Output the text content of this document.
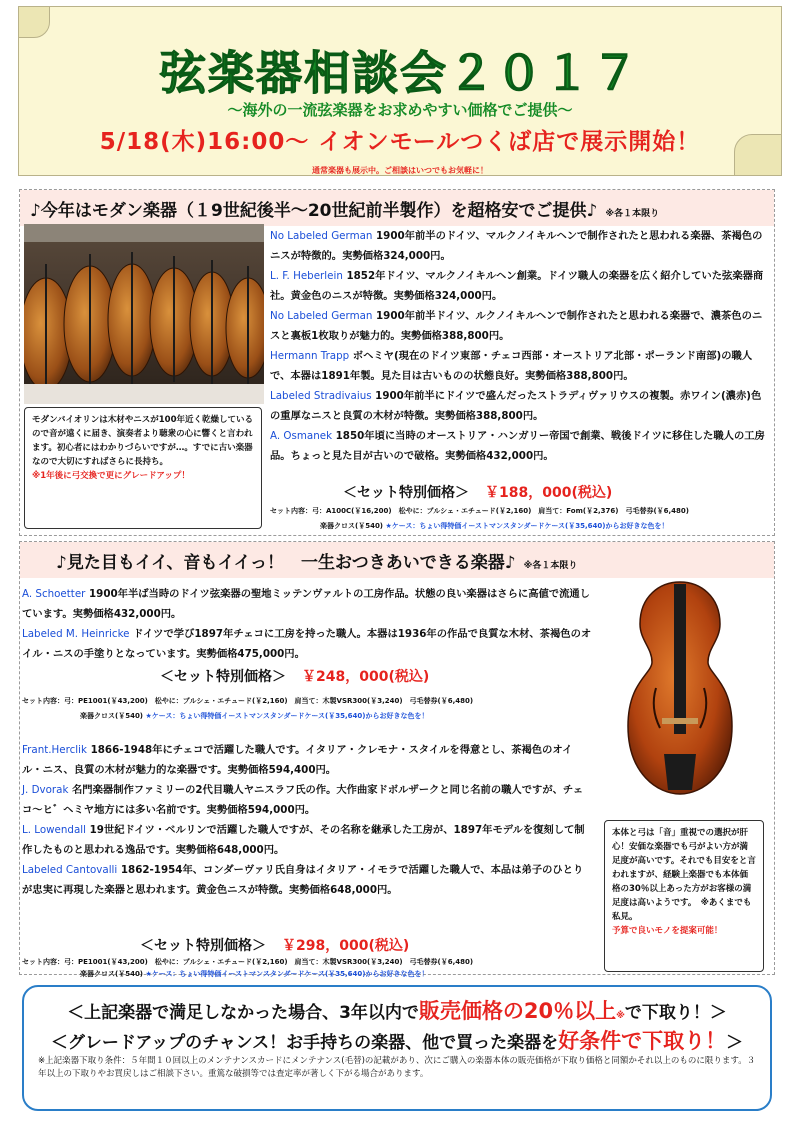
弦楽器相談会２０１７
～海外の一流弦楽器をお求めやすい価格でご提供～
5/18(木)16:00～ イオンモールつくば店で展示開始！
通常楽器も展示中。ご相談はいつでもお気軽に！
♪今年はモダン楽器（１9世紀後半～20世紀前半製作）を超格安でご提供♪ ※各１本限り
モダンバイオリンは木材やニスが100年近く乾燥しているので音が遠くに届き、演奏者より聴衆の心に響くと言われます。初心者にはわかりづらいですが…。すでに古い楽器なので大切にすればさらに長持ち。
※1年後に弓交換で更にグレードアップ！

No Labeled German 1900年前半のドイツ、マルクノイキルヘンで制作されたと思われる楽器、茶褐色のニスが特徴的。実勢価格324,000円。

L. F. Heberlein 1852年ドイツ、マルクノイキルヘン創業。ドイツ職人の楽器を広く紹介していた弦楽器商社。黄金色のニスが特徴。実勢価格324,000円。

No Labeled German 1900年前半ドイツ、ルクノイキルヘンで制作されたと思われる楽器で、濃茶色のニスと裏板1枚取りが魅力的。実勢価格388,800円。

Hermann Trapp ボヘミヤ(現在のドイツ東部・チェコ西部・オーストリア北部・ポーランド南部)の職人で、本器は1891年製。見た目は古いものの状態良好。実勢価格388,800円。

Labeled Stradivaius 1900年前半にドイツで盛んだったストラディヴァリウスの複製。赤ワイン(濃赤)色の重厚なニスと良質の木材が特徴。実勢価格388,800円。

A. Osmanek 1850年頃に当時のオーストリア・ハンガリー帝国で創業、戦後ドイツに移住した職人の工房品。ちょっと見た目が古いので破格。実勢価格432,000円。

＜セット特別価格＞ ￥188，000(税込)
セット内容：弓：A100C(￥16,200)　松やに：ブルシェ・エチュード(￥2,160)　肩当て：Fom(￥2,376)　弓毛替券(￥6,480)
楽器クロス(￥540) ★ケース：ちょい得特価イーストマンスタンダードケース(￥35,640)からお好きな色を！
♪見た目もイイ、音もイイっ！　一生おつきあいできる楽器♪ ※各１本限り

A. Schoetter 1900年半ば当時のドイツ弦楽器の聖地ミッテンヴァルトの工房作品。状態の良い楽器はさらに高値で流通しています。実勢価格432,000円。

Labeled M. Heinricke ドイツで学び1897年チェコに工房を持った職人。本器は1936年の作品で良質な木材、茶褐色のオイル・ニスの手塗りとなっています。実勢価格475,000円。

＜セット特別価格＞ ￥248，000(税込)
セット内容：弓：PE1001(￥43,200)　松やに：ブルシェ・エチュード(￥2,160)　肩当て：木製VSR300(￥3,240)　弓毛替券(￥6,480)
楽器クロス(￥540) ★ケース：ちょい得特価イーストマンスタンダードケース(￥35,640)からお好きな色を！

Frant.Herclik 1866-1948年にチェコで活躍した職人です。イタリア・クレモナ・スタイルを得意とし、茶褐色のオイル・ニス、良質の木材が魅力的な楽器です。実勢価格594,400円。

J. Dvorak 名門楽器制作ファミリーの2代目職人ヤニスラフ氏の作。大作曲家ドボルザークと同じ名前の職人ですが、チェコ～ヒ゛ヘミヤ地方には多い名前です。実勢価格594,000円。

L. Lowendall 19世紀ドイツ・ベルリンで活躍した職人ですが、その名称を継承した工房が、1897年モデルを復刻して制作したものと思われる逸品です。実勢価格648,000円。

Labeled Cantovalli 1862-1954年、コンダーヴァリ氏自身はイタリア・イモラで活躍した職人で、本品は弟子のひとりが忠実に再現した楽器と思われます。黄金色ニスが特徴。実勢価格648,000円。

＜セット特別価格＞ ￥298，000(税込)
本体と弓は「音」重視での選択が肝心！安価な楽器でも弓がよい方が満足度が高いです。それでも目安をと言われますが、経験上楽器でも本体価格の30％以上あった方がお客様の満足度は高いようです。　※あくまでも私見。
予算で良いモノを提案可能！
セット内容：弓：PE1001(￥43,200)　松やに：ブルシェ・エチュード(￥2,160)　肩当て：木製VSR300(￥3,240)　弓毛替券(￥6,480)
楽器クロス(￥540) ★ケース：ちょい得特価イーストマンスタンダードケース(￥35,640)からお好きな色を！
＜上記楽器で満足しなかった場合、3年以内で販売価格の20％以上※で下取り！＞
＜グレードアップのチャンス！お手持ちの楽器、他で買った楽器を好条件で下取り！＞
※上記楽器下取り条件：５年間１０回以上のメンテナンスカードにメンテナンス(毛替)の記載があり、次にご購入の楽器本体の販売価格が下取り価格と同額かそれ以上のものに限ります。３年以上の下取りやお買戻しはご相談下さい。重篤な破損等では査定率が著しく下がる場合があります。
